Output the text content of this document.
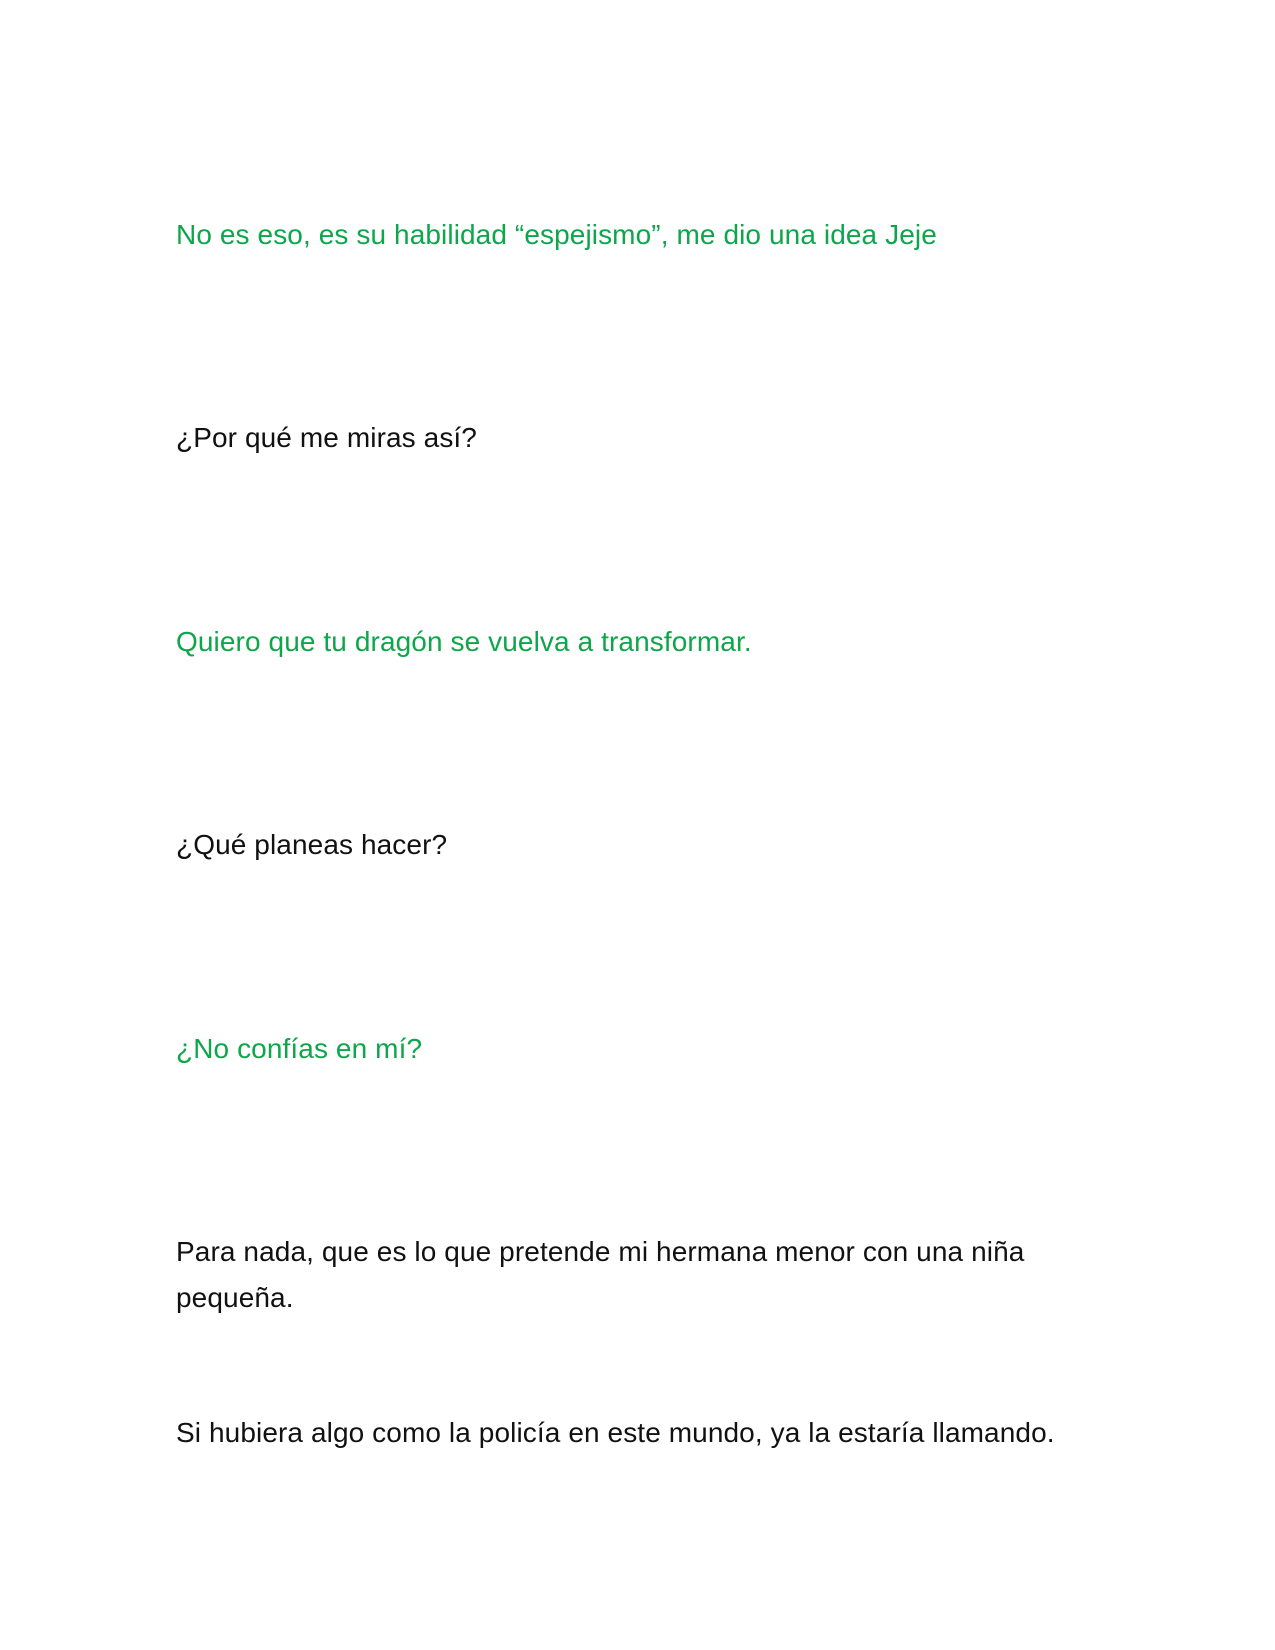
No es eso, es su habilidad “espejismo”, me dio una idea Jeje

¿Por qué me miras así?

Quiero que tu dragón se vuelva a transformar.

¿Qué planeas hacer?

¿No confías en mí?

Para nada, que es lo que pretende mi hermana menor con una niña pequeña.

Si hubiera algo como la policía en este mundo, ya la estaría llamando.
